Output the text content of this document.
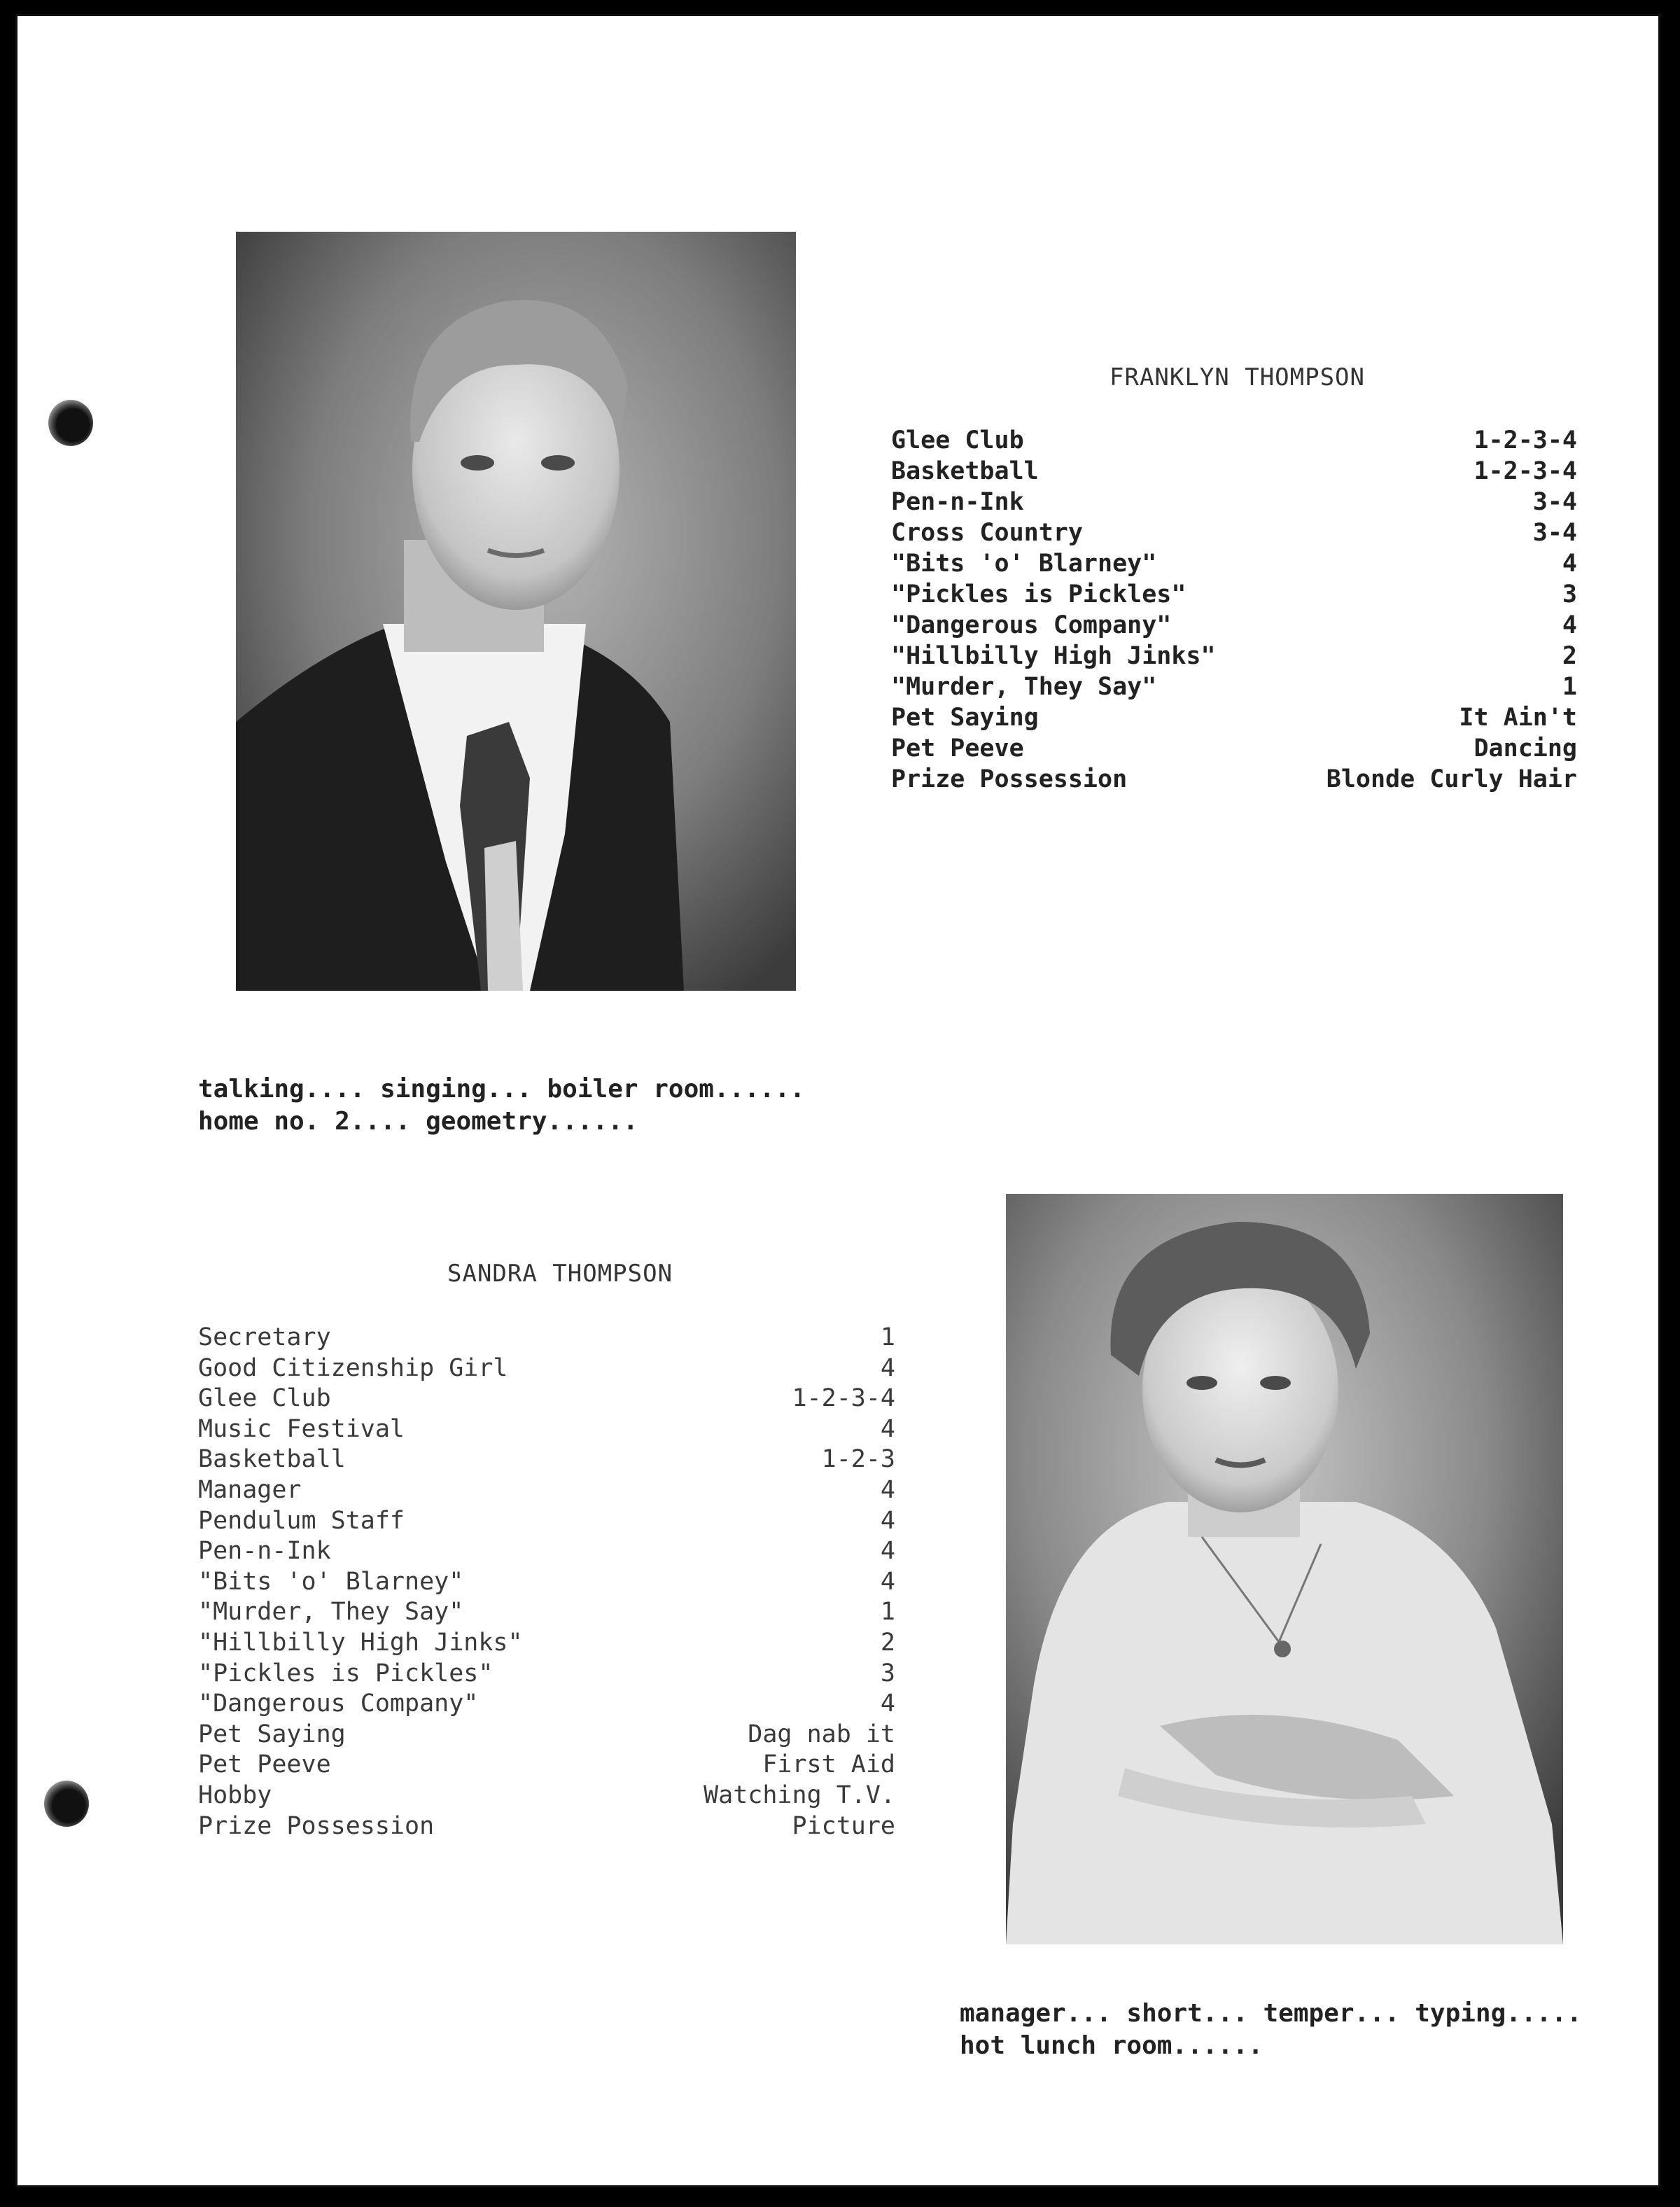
FRANKLYN THOMPSON
Glee Club	1-2-3-4
Basketball	1-2-3-4
Pen-n-Ink	3-4
Cross Country	3-4
"Bits 'o' Blarney"	4
"Pickles is Pickles"	3
"Dangerous Company"	4
"Hillbilly High Jinks"	2
"Murder, They Say"	1
Pet Saying	It Ain't
Pet Peeve	Dancing
Prize Possession	Blonde Curly Hair
talking.... singing... boiler room......
home no. 2.... geometry......
SANDRA THOMPSON
Secretary	1
Good Citizenship Girl	4
Glee Club	1-2-3-4
Music Festival	4
Basketball	1-2-3
Manager	4
Pendulum Staff	4
Pen-n-Ink	4
"Bits 'o' Blarney"	4
"Murder, They Say"	1
"Hillbilly High Jinks"	2
"Pickles is Pickles"	3
"Dangerous Company"	4
Pet Saying	Dag nab it
Pet Peeve	First Aid
Hobby	Watching T.V.
Prize Possession	Picture
manager... short... temper... typing.....
hot lunch room......
